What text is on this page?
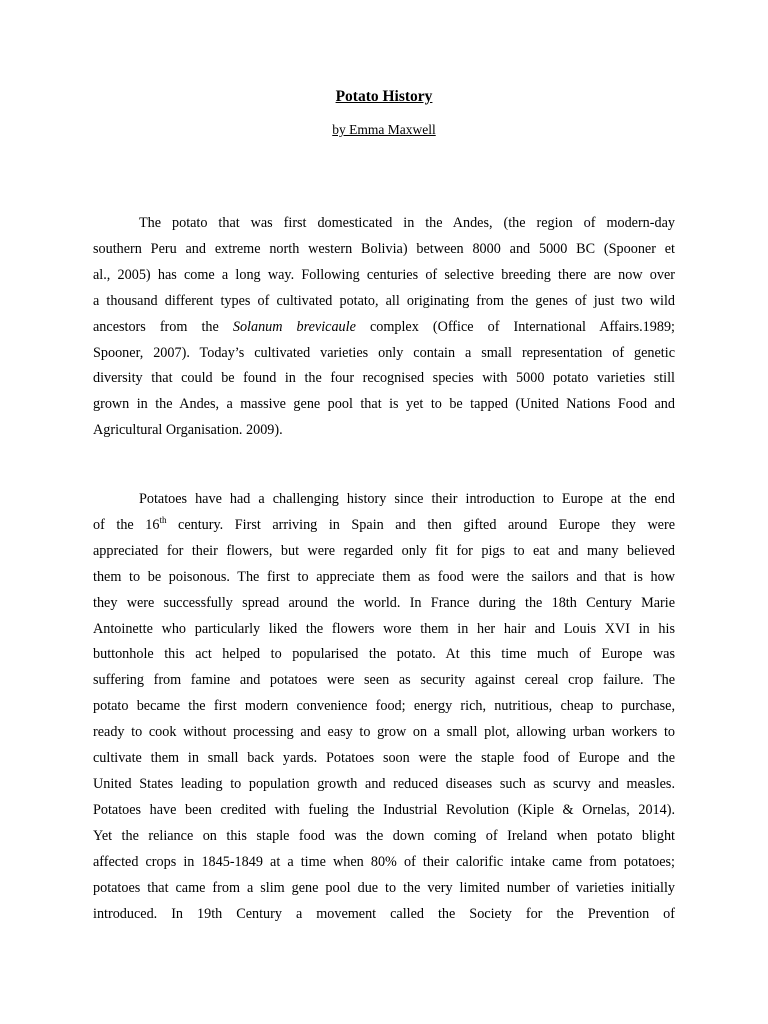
Potato History

by Emma Maxwell

The potato that was first domesticated in the Andes, (the region of modern-day
southern Peru and extreme north western Bolivia) between 8000 and 5000 BC (Spooner et
al., 2005) has come a long way. Following centuries of selective breeding there are now over
a thousand different types of cultivated potato, all originating from the genes of just two wild
ancestors from the Solanum brevicaule complex (Office of International Affairs.1989;
Spooner, 2007). Today’s cultivated varieties only contain a small representation of genetic
diversity that could be found in the four recognised species with 5000 potato varieties still
grown in the Andes, a massive gene pool that is yet to be tapped (United Nations Food and
Agricultural Organisation. 2009).
Potatoes have had a challenging history since their introduction to Europe at the end
of the 16th century. First arriving in Spain and then gifted around Europe they were
appreciated for their flowers, but were regarded only fit for pigs to eat and many believed
them to be poisonous. The first to appreciate them as food were the sailors and that is how
they were successfully spread around the world. In France during the 18th Century Marie
Antoinette who particularly liked the flowers wore them in her hair and Louis XVI in his
buttonhole this act helped to popularised the potato. At this time much of Europe was
suffering from famine and potatoes were seen as security against cereal crop failure. The
potato became the first modern convenience food; energy rich, nutritious, cheap to purchase,
ready to cook without processing and easy to grow on a small plot, allowing urban workers to
cultivate them in small back yards. Potatoes soon were the staple food of Europe and the
United States leading to population growth and reduced diseases such as scurvy and measles.
Potatoes have been credited with fueling the Industrial Revolution (Kiple & Ornelas, 2014).
Yet the reliance on this staple food was the down coming of Ireland when potato blight
affected crops in 1845-1849 at a time when 80% of their calorific intake came from potatoes;
potatoes that came from a slim gene pool due to the very limited number of varieties initially
introduced. In 19th Century a movement called the Society for the Prevention of
